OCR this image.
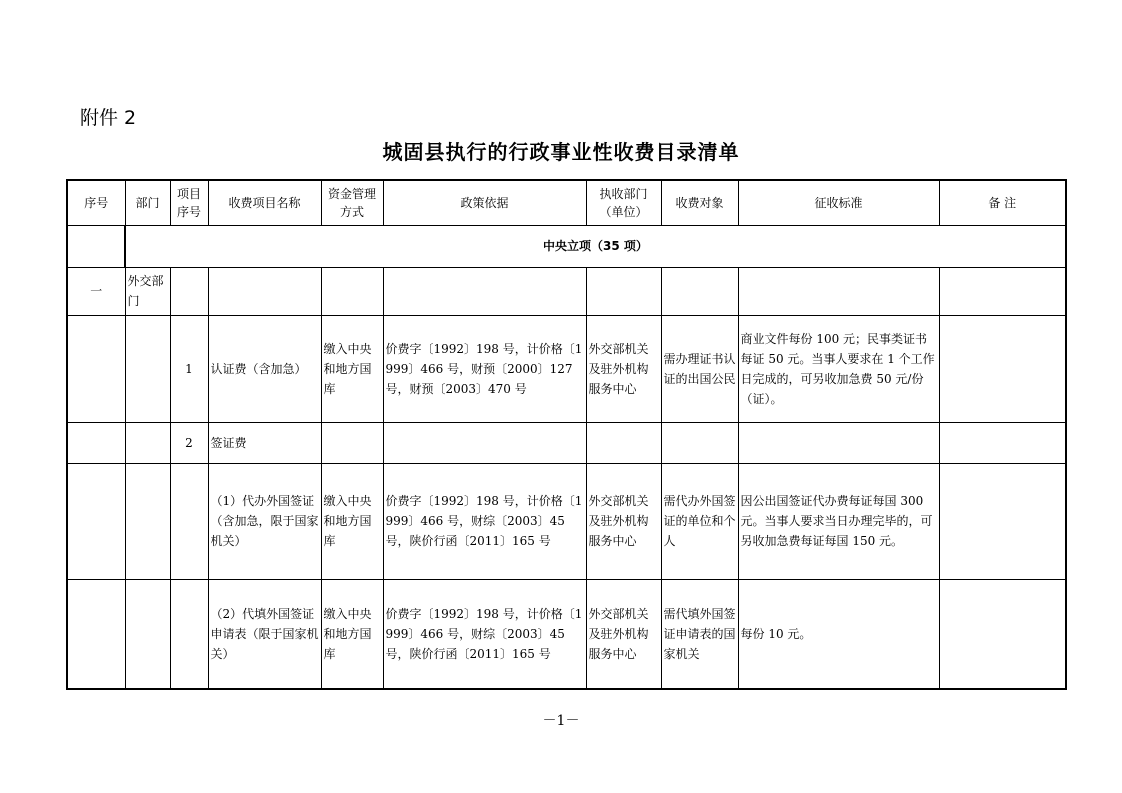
附件 2
城固县执行的行政事业性收费目录清单
序号	部门	项目序号	收费项目名称	资金管理方式	政策依据	执收部门（单位）	收费对象	征收标准	备 注
	中央立项（35 项）								
一	外交部门								
		1	认证费（含加急）	缴入中央和地方国库	价费字〔1992〕198 号，计价格〔1999〕466 号，财预〔2000〕127 号，财预〔2003〕470 号	外交部机关及驻外机构服务中心	需办理证书认证的出国公民	商业文件每份 100 元；民事类证书每证 50 元。当事人要求在 1 个工作日完成的，可另收加急费 50 元/份（证）。	
		2	签证费						
			（1）代办外国签证（含加急，限于国家机关）	缴入中央和地方国库	价费字〔1992〕198 号，计价格〔1999〕466 号，财综〔2003〕45 号，陕价行函〔2011〕165 号	外交部机关及驻外机构服务中心	需代办外国签证的单位和个人	因公出国签证代办费每证每国 300 元。当事人要求当日办理完毕的，可另收加急费每证每国 150 元。	
			（2）代填外国签证申请表（限于国家机关）	缴入中央和地方国库	价费字〔1992〕198 号，计价格〔1999〕466 号，财综〔2003〕45 号，陕价行函〔2011〕165 号	外交部机关及驻外机构服务中心	需代填外国签证申请表的国家机关	每份 10 元。	
－1－
